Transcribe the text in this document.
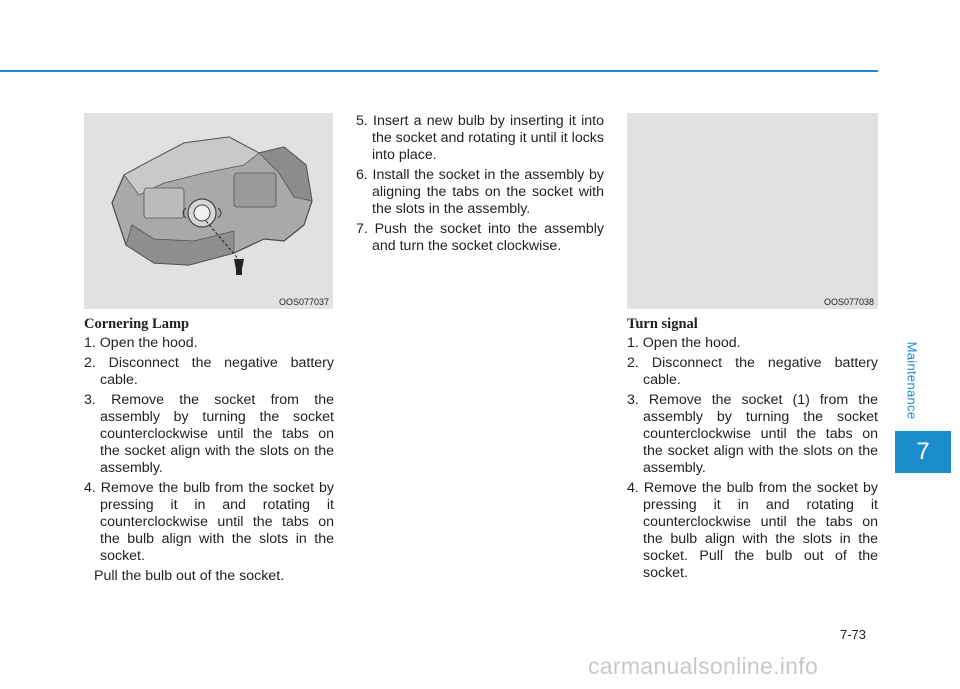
OOS077037	OOS077038

Cornering Lamp

1. Open the hood.

2. Disconnect the negative battery cable.

3. Remove the socket from the assembly by turning the socket counterclockwise until the tabs on the socket align with the slots on the assembly.

4. Remove the bulb from the socket by pressing it in and rotating it counterclockwise until the tabs on the bulb align with the slots in the socket.

Pull the bulb out of the socket.

5. Insert a new bulb by inserting it into the socket and rotating it until it locks into place.

6. Install the socket in the assembly by aligning the tabs on the socket with the slots in the assembly.

7. Push the socket into the assembly and turn the socket clockwise.

Turn signal

1. Open the hood.

2. Disconnect the negative battery cable.

3. Remove the socket (1) from the assembly by turning the socket counterclockwise until the tabs on the socket align with the slots on the assembly.

4. Remove the bulb from the socket by pressing it in and rotating it counterclockwise until the tabs on the bulb align with the slots in the socket. Pull the bulb out of the socket.

Maintenance
7
7-73
carmanualsonline.info
